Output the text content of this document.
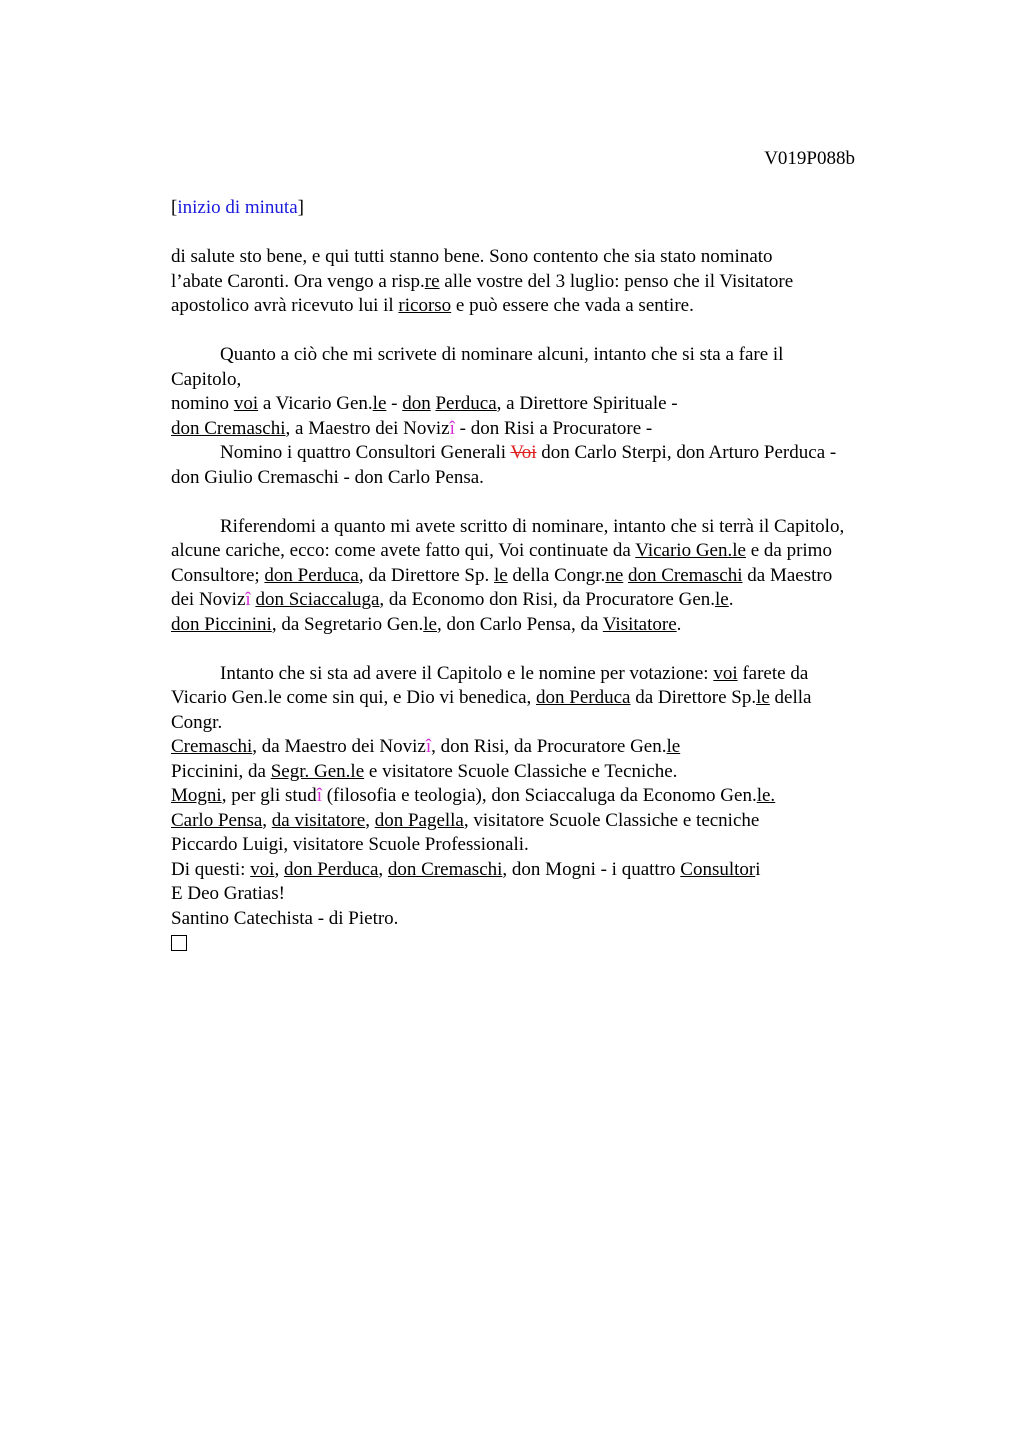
V019P088b
[inizio di minuta]
di salute sto bene, e qui tutti stanno bene. Sono contento che sia stato nominato
l’abate Caronti. Ora vengo a risp.re alle vostre del 3 luglio: penso che il Visitatore
apostolico avrà ricevuto lui il ricorso e può essere che vada a sentire.
Quanto a ciò che mi scrivete di nominare alcuni, intanto che si sta a fare il
Capitolo,
nomino voi a Vicario Gen.le - don Perduca, a Direttore Spirituale -
don Cremaschi, a Maestro dei Novizî - don Risi a Procuratore -
Nomino i quattro Consultori Generali Voi don Carlo Sterpi, don Arturo Perduca -
don Giulio Cremaschi - don Carlo Pensa.
Riferendomi a quanto mi avete scritto di nominare, intanto che si terrà il Capitolo,
alcune cariche, ecco: come avete fatto qui, Voi continuate da Vicario Gen.le e da primo
Consultore; don Perduca, da Direttore Sp. le della Congr.ne don Cremaschi da Maestro
dei Novizî don Sciaccaluga, da Economo don Risi, da Procuratore Gen.le.
don Piccinini, da Segretario Gen.le, don Carlo Pensa, da Visitatore.
Intanto che si sta ad avere il Capitolo e le nomine per votazione: voi farete da
Vicario Gen.le come sin qui, e Dio vi benedica, don Perduca da Direttore Sp.le della
Congr.
Cremaschi, da Maestro dei Novizî, don Risi, da Procuratore Gen.le
Piccinini, da Segr. Gen.le e visitatore Scuole Classiche e Tecniche.
Mogni, per gli studî (filosofia e teologia), don Sciaccaluga da Economo Gen.le.
Carlo Pensa, da visitatore, don Pagella, visitatore Scuole Classiche e tecniche
Piccardo Luigi, visitatore Scuole Professionali.
Di questi: voi, don Perduca, don Cremaschi, don Mogni - i quattro Consultori
E Deo Gratias!
Santino Catechista - di Pietro.
